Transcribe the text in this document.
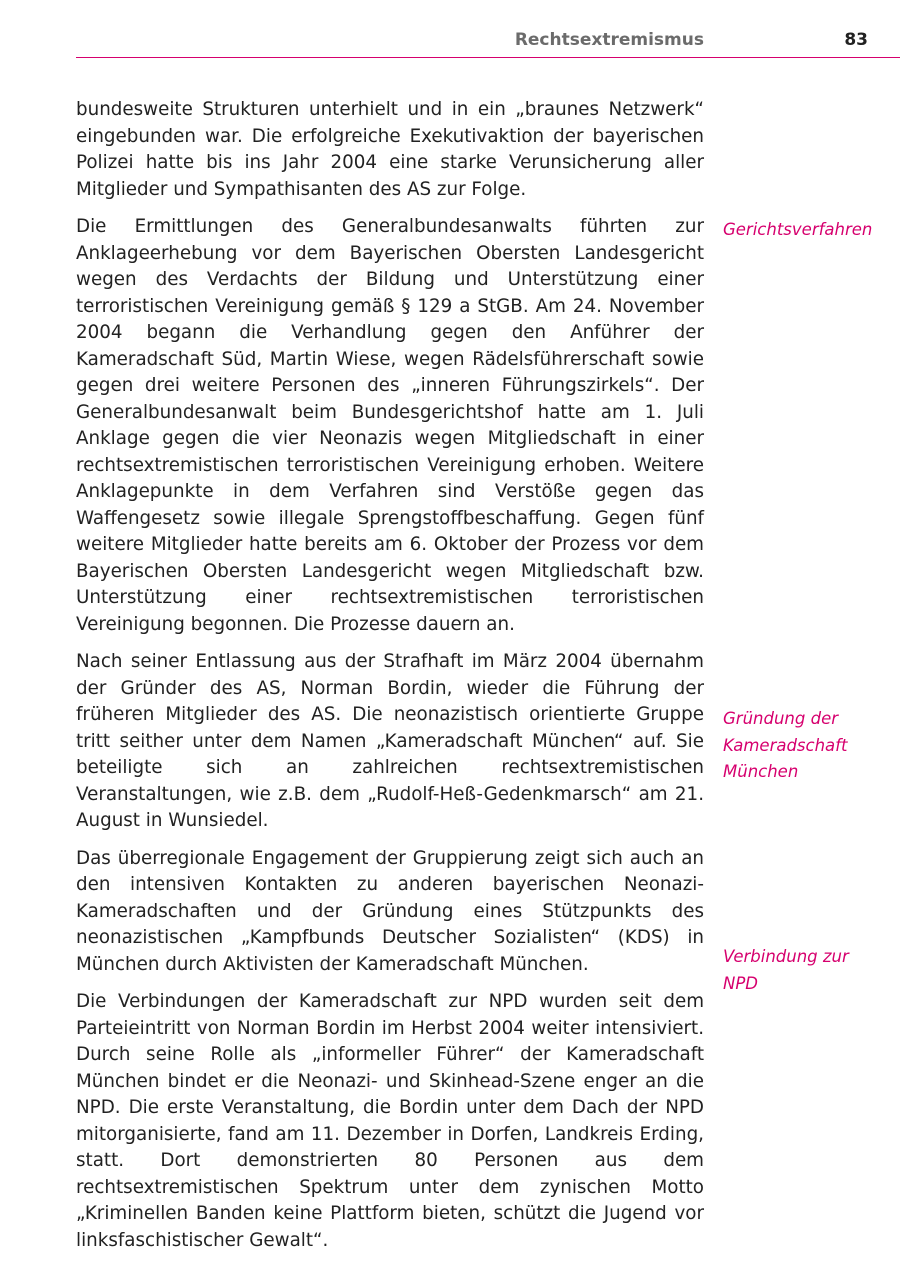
Rechtsextremismus	83

bundesweite Strukturen unterhielt und in ein „braunes Netzwerk“ eingebunden war. Die erfolgreiche Exekutivaktion der bayerischen Polizei hatte bis ins Jahr 2004 eine starke Verunsicherung aller Mitglieder und Sympathisanten des AS zur Folge.

Die Ermittlungen des Generalbundesanwalts führten zur Anklageerhebung vor dem Bayerischen Obersten Landesgericht wegen des Verdachts der Bildung und Unterstützung einer terroristischen Vereinigung gemäß § 129 a StGB. Am 24. November 2004 begann die Verhandlung gegen den Anführer der Kameradschaft Süd, Martin Wiese, wegen Rädelsführerschaft sowie gegen drei weitere Personen des „inneren Führungszirkels“. Der Generalbundesanwalt beim Bundesgerichtshof hatte am 1. Juli Anklage gegen die vier Neonazis wegen Mitgliedschaft in einer rechtsextremistischen terroristischen Vereinigung erhoben. Weitere Anklagepunkte in dem Verfahren sind Verstöße gegen das Waffengesetz sowie illegale Sprengstoffbeschaffung. Gegen fünf weitere Mitglieder hatte bereits am 6. Oktober der Prozess vor dem Bayerischen Obersten Landesgericht wegen Mitgliedschaft bzw. Unterstützung einer rechtsextremistischen terroristischen Vereinigung begonnen. Die Prozesse dauern an.

Nach seiner Entlassung aus der Strafhaft im März 2004 übernahm der Gründer des AS, Norman Bordin, wieder die Führung der früheren Mitglieder des AS. Die neonazistisch orientierte Gruppe tritt seither unter dem Namen „Kameradschaft München“ auf. Sie beteiligte sich an zahlreichen rechtsextremistischen Veranstaltungen, wie z.B. dem „Rudolf-Heß-Gedenkmarsch“ am 21. August in Wunsiedel.

Das überregionale Engagement der Gruppierung zeigt sich auch an den intensiven Kontakten zu anderen bayerischen Neonazi-Kameradschaften und der Gründung eines Stützpunkts des neonazistischen „Kampfbunds Deutscher Sozialisten“ (KDS) in München durch Aktivisten der Kameradschaft München.

Die Verbindungen der Kameradschaft zur NPD wurden seit dem Parteieintritt von Norman Bordin im Herbst 2004 weiter intensiviert. Durch seine Rolle als „informeller Führer“ der Kameradschaft München bindet er die Neonazi- und Skinhead-Szene enger an die NPD. Die erste Veranstaltung, die Bordin unter dem Dach der NPD mitorganisierte, fand am 11. Dezember in Dorfen, Landkreis Erding, statt. Dort demonstrierten 80 Personen aus dem rechtsextremistischen Spektrum unter dem zynischen Motto „Kriminellen Banden keine Plattform bieten, schützt die Jugend vor linksfaschistischer Gewalt“.

Gerichtsverfahren
Gründung der Kameradschaft München
Verbindung zur NPD
